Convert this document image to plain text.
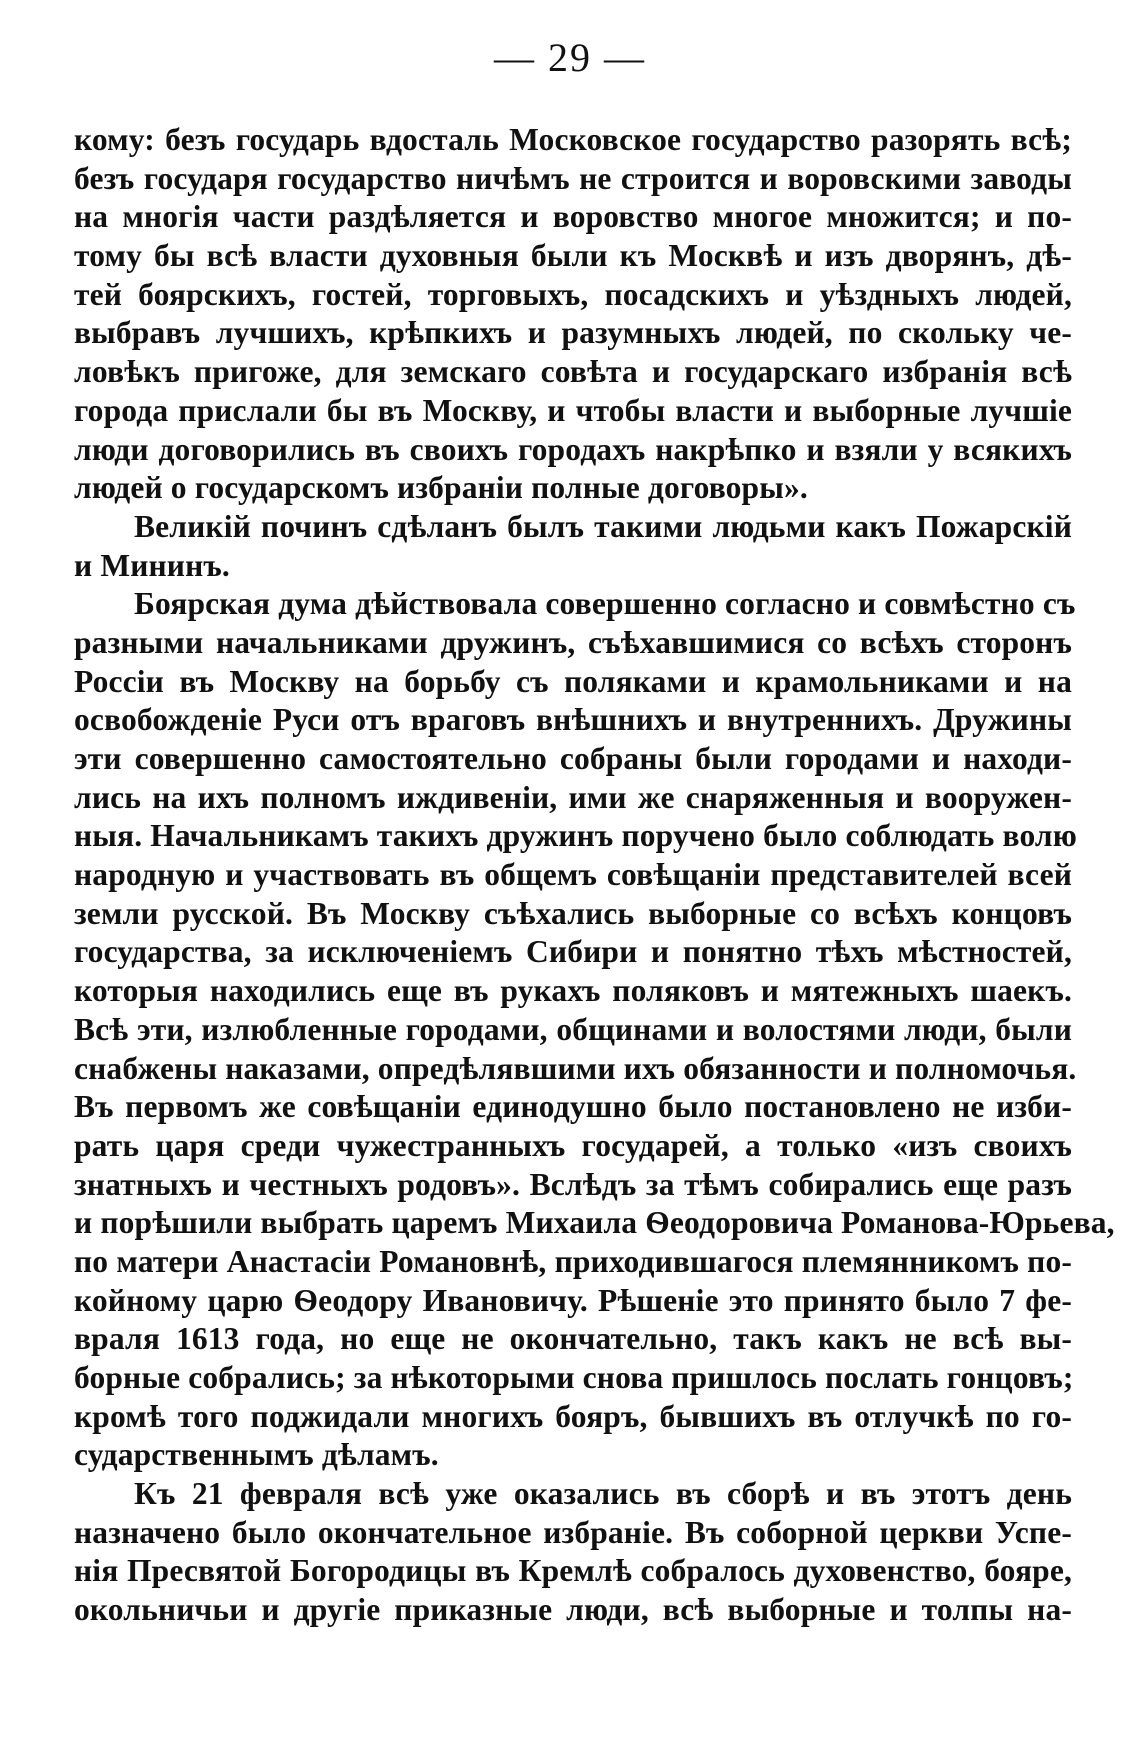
— 29 —
кому: безъ государь вдосталь Московское государство разорять всѣ;
безъ государя государство ничѣмъ не строится и воровскими заводы
на многія части раздѣляется и воровство многое множится; и по-
тому бы всѣ власти духовныя были къ Москвѣ и изъ дворянъ, дѣ-
тей боярскихъ, гостей, торговыхъ, посадскихъ и уѣздныхъ людей,
выбравъ лучшихъ, крѣпкихъ и разумныхъ людей, по скольку че-
ловѣкъ пригоже, для земскаго совѣта и государскаго избранія всѣ
города прислали бы въ Москву, и чтобы власти и выборные лучшіе
люди договорились въ своихъ городахъ накрѣпко и взяли у всякихъ
людей о государскомъ избраніи полные договоры».
Великій починъ сдѣланъ былъ такими людьми какъ Пожарскій
и Мининъ.
Боярская дума дѣйствовала совершенно согласно и совмѣстно съ
разными начальниками дружинъ, съѣхавшимися со всѣхъ сторонъ
Россіи въ Москву на борьбу съ поляками и крамольниками и на
освобожденіе Руси отъ враговъ внѣшнихъ и внутреннихъ. Дружины
эти совершенно самостоятельно собраны были городами и находи-
лись на ихъ полномъ иждивеніи, ими же снаряженныя и вооружен-
ныя. Начальникамъ такихъ дружинъ поручено было соблюдать волю
народную и участвовать въ общемъ совѣщаніи представителей всей
земли русской. Въ Москву съѣхались выборные со всѣхъ концовъ
государства, за исключеніемъ Сибири и понятно тѣхъ мѣстностей,
которыя находились еще въ рукахъ поляковъ и мятежныхъ шаекъ.
Всѣ эти, излюбленные городами, общинами и волостями люди, были
снабжены наказами, опредѣлявшими ихъ обязанности и полномочья.
Въ первомъ же совѣщаніи единодушно было постановлено не изби-
рать царя среди чужестранныхъ государей, а только «изъ своихъ
знатныхъ и честныхъ родовъ». Вслѣдъ за тѣмъ собирались еще разъ
и порѣшили выбрать царемъ Михаила Ѳеодоровича Романова-Юрьева,
по матери Анастасіи Романовнѣ, приходившагося племянникомъ по-
койному царю Ѳеодору Ивановичу. Рѣшеніе это принято было 7 фе-
враля 1613 года, но еще не окончательно, такъ какъ не всѣ вы-
борные собрались; за нѣкоторыми снова пришлось послать гонцовъ;
кромѣ того поджидали многихъ бояръ, бывшихъ въ отлучкѣ по го-
сударственнымъ дѣламъ.
Къ 21 февраля всѣ уже оказались въ сборѣ и въ этотъ день
назначено было окончательное избраніе. Въ соборной церкви Успе-
нія Пресвятой Богородицы въ Кремлѣ собралось духовенство, бояре,
окольничьи и другіе приказные люди, всѣ выборные и толпы на-
